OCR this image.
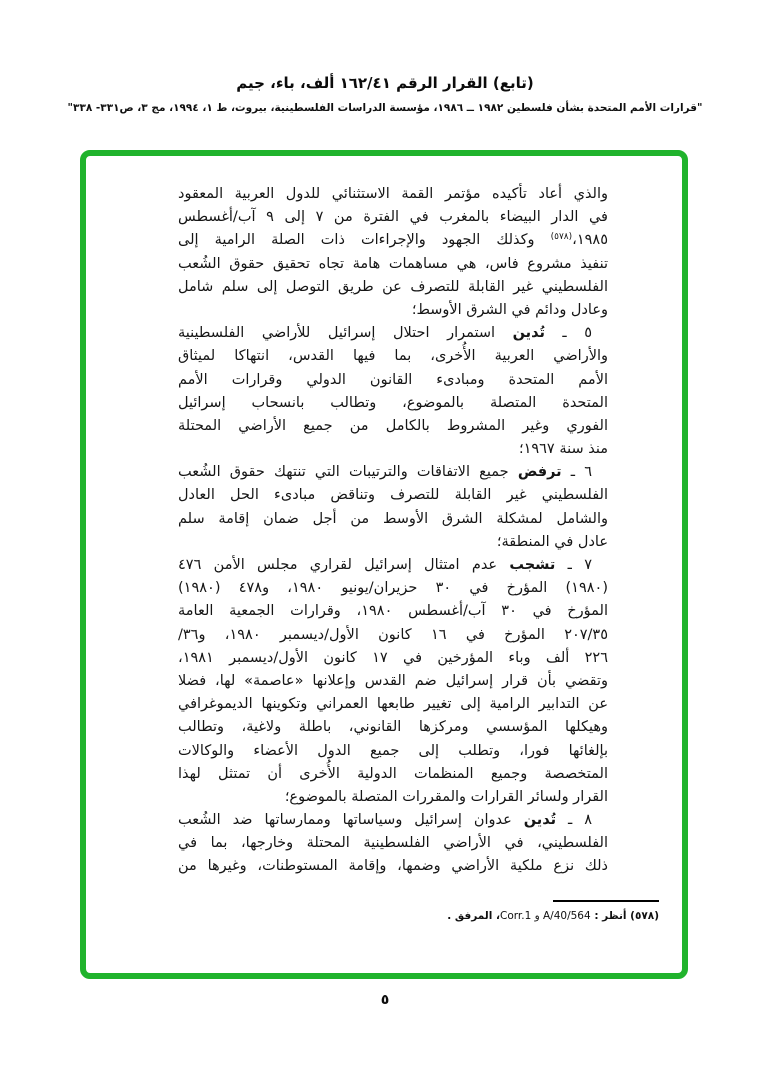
(تابع) القرار الرقم ١٦٢/٤١ ألف، باء، جيم
"قرارات الأمم المتحدة بشأن فلسطين ١٩٨٢ ــ ١٩٨٦، مؤسسة الدراسات الفلسطينية، بيروت، ط ١، ١٩٩٤، مج ٣، ص٣٣١- ٣٣٨"
والذي أعاد تأكيده مؤتمر القمة الاستثنائي للدول العربية المعقود
في الدار البيضاء بالمغرب في الفترة من ٧ إلى ٩ آب/أغسطس
١٩٨٥،$^{(٥٧٨)}$ وكذلك الجهود والإجراءات ذات الصلة الرامية إلى
تنفيذ مشروع فاس، هي مساهمات هامة تجاه تحقيق حقوق الشُعب
الفلسطيني غير القابلة للتصرف عن طريق التوصل إلى سلم شامل
وعادل ودائم في الشرق الأوسط؛
٥ ـ تُدين استمرار احتلال إسرائيل للأراضي الفلسطينية
والأراضي العربية الأُخرى، بما فيها القدس، انتهاكا لميثاق
الأمم المتحدة ومبادىء القانون الدولي وقرارات الأمم
المتحدة المتصلة بالموضوع، وتطالب بانسحاب إسرائيل
الفوري وغير المشروط بالكامل من جميع الأراضي المحتلة
منذ سنة ١٩٦٧؛
٦ ـ ترفض جميع الاتفاقات والترتيبات التي تنتهك حقوق الشُعب
الفلسطيني غير القابلة للتصرف وتناقض مبادىء الحل العادل
والشامل لمشكلة الشرق الأوسط من أجل ضمان إقامة سلم
عادل في المنطقة؛
٧ ـ تشجب عدم امتثال إسرائيل لقراري مجلس الأمن ٤٧٦
(١٩٨٠) المؤرخ في ٣٠ حزيران/يونيو ١٩٨٠، و٤٧٨ (١٩٨٠)
المؤرخ في ٣٠ آب/أغسطس ١٩٨٠، وقرارات الجمعية العامة
٢٠٧/٣٥ المؤرخ في ١٦ كانون الأول/ديسمبر ١٩٨٠، و٣٦/
٢٢٦ ألف وباء المؤرخين في ١٧ كانون الأول/ديسمبر ١٩٨١،
وتقضي بأن قرار إسرائيل ضم القدس وإعلانها «عاصمة» لها، فضلا
عن التدابير الرامية إلى تغيير طابعها العمراني وتكوينها الديموغرافي
وهيكلها المؤسسي ومركزها القانوني، باطلة ولاغية، وتطالب
بإلغائها فورا، وتطلب إلى جميع الدول الأعضاء والوكالات
المتخصصة وجميع المنظمات الدولية الأُخرى أن تمتثل لهذا
القرار ولسائر القرارات والمقررات المتصلة بالموضوع؛
٨ ـ تُدين عدوان إسرائيل وسياساتها وممارساتها ضد الشُعب
الفلسطيني، في الأراضي الفلسطينية المحتلة وخارجها، بما في
ذلك نزع ملكية الأراضي وضمها، وإقامة المستوطنات، وغيرها من
(٥٧٨) أنظر : A/40/564 و Corr.1، المرفق .
٥
